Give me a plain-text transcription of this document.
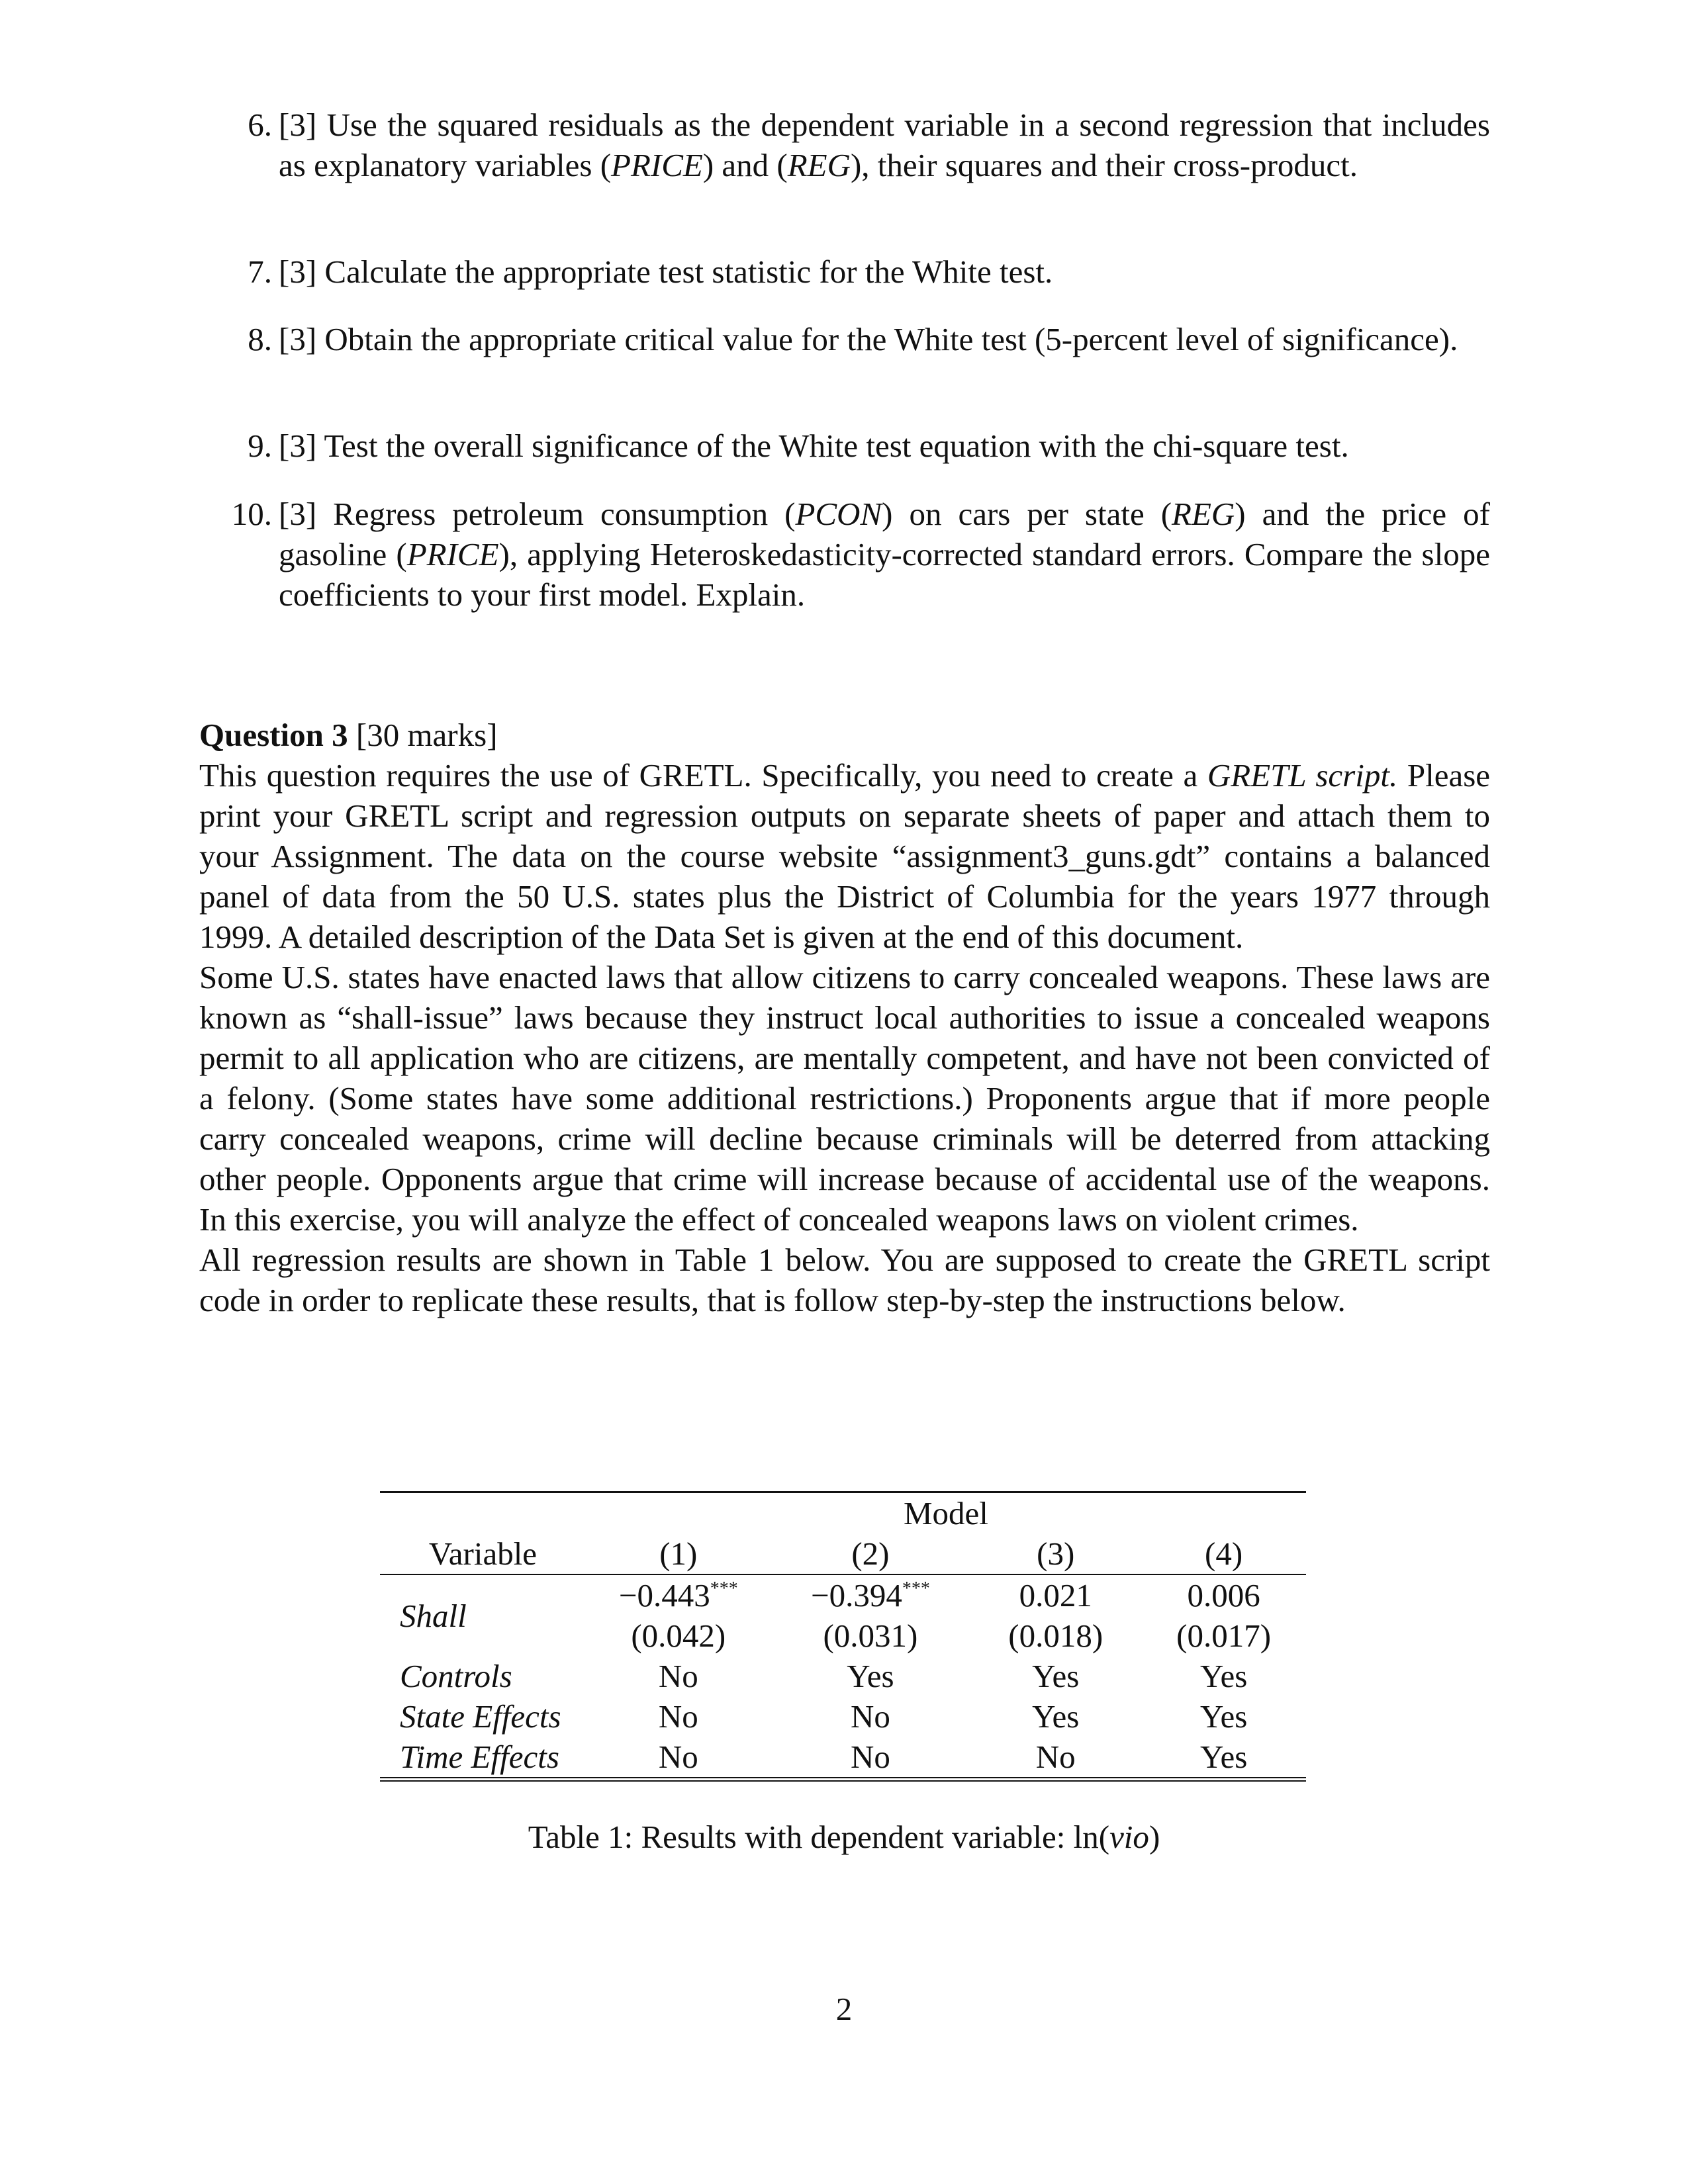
6. [3] Use the squared residuals as the dependent variable in a second regression that includes as explanatory variables (PRICE) and (REG), their squares and their cross-product.
7. [3] Calculate the appropriate test statistic for the White test.
8. [3] Obtain the appropriate critical value for the White test (5-percent level of significance).
9. [3] Test the overall significance of the White test equation with the chi-square test.
10. [3] Regress petroleum consumption (PCON) on cars per state (REG) and the price of gasoline (PRICE), applying Heteroskedasticity-corrected standard errors. Compare the slope coefficients to your first model. Explain.

Question 3 [30 marks]

This question requires the use of GRETL. Specifically, you need to create a GRETL script. Please print your GRETL script and regression outputs on separate sheets of paper and attach them to your Assignment. The data on the course website “assignment3_guns.gdt” contains a balanced panel of data from the 50 U.S. states plus the District of Columbia for the years 1977 through 1999. A detailed description of the Data Set is given at the end of this document.

Some U.S. states have enacted laws that allow citizens to carry concealed weapons. These laws are known as “shall-issue” laws because they instruct local authorities to issue a concealed weapons permit to all application who are citizens, are mentally competent, and have not been convicted of a felony. (Some states have some additional restrictions.) Proponents argue that if more people carry concealed weapons, crime will decline because criminals will be deterred from attacking other people. Opponents argue that crime will increase because of accidental use of the weapons. In this exercise, you will analyze the effect of concealed weapons laws on violent crimes.

All regression results are shown in Table 1 below. You are supposed to create the GRETL script code in order to replicate these results, that is follow step-by-step the instructions below.

	Model			
Variable	(1)	(2)	(3)	(4)
Shall	−0.443***	−0.394***	0.021	0.006
	(0.042)	(0.031)	(0.018)	(0.017)
Controls	No	Yes	Yes	Yes
State Effects	No	No	Yes	Yes
Time Effects	No	No	No	Yes
Table 1: Results with dependent variable: ln(vio)
2
